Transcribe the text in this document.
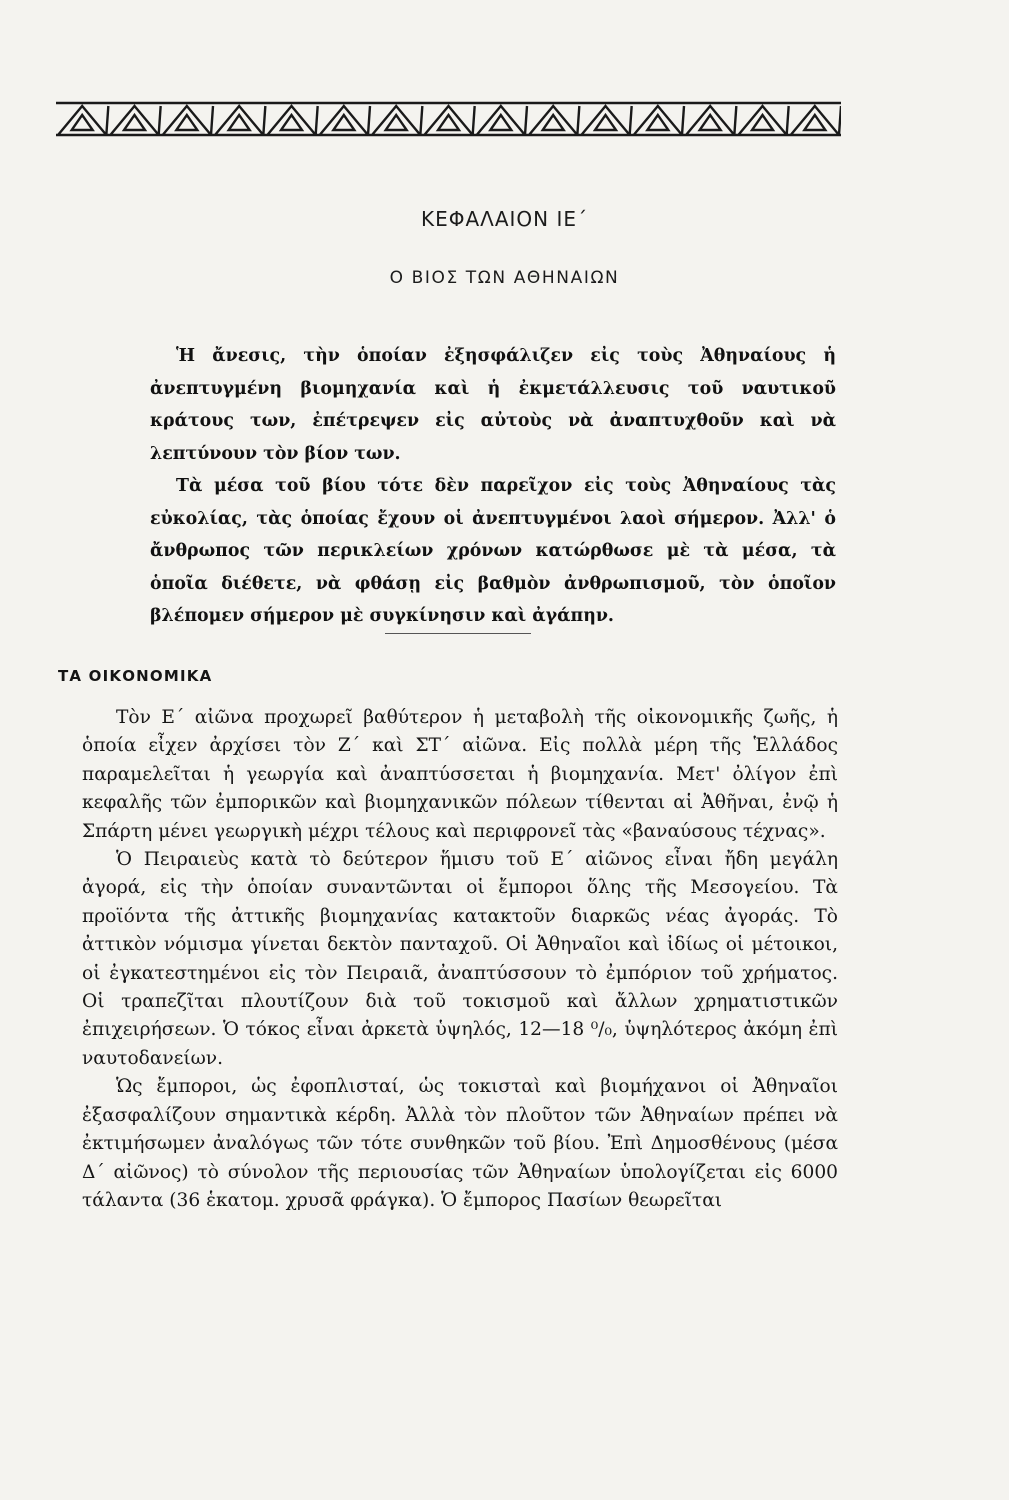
ΚΕΦΑΛΑΙΟΝ ΙΕ΄
Ο ΒΙΟΣ ΤΩΝ ΑΘΗΝΑΙΩΝ

Ἡ ἄνεσις, τὴν ὁποίαν ἐξησφάλιζεν εἰς τοὺς Ἀθηναίους ἡ ἀνεπτυγμένη βιομηχανία καὶ ἡ ἐκμετάλλευσις τοῦ ναυτικοῦ κράτους των, ἐπέτρεψεν εἰς αὐτοὺς νὰ ἀναπτυχθοῦν καὶ νὰ λεπτύνουν τὸν βίον των.

Τὰ μέσα τοῦ βίου τότε δὲν παρεῖχον εἰς τοὺς Ἀθηναίους τὰς εὐκολίας, τὰς ὁποίας ἔχουν οἱ ἀνεπτυγμένοι λαοὶ σήμερον. Ἀλλ' ὁ ἄνθρωπος τῶν περικλείων χρόνων κατώρθωσε μὲ τὰ μέσα, τὰ ὁποῖα διέθετε, νὰ φθάσῃ εἰς βαθμὸν ἀνθρωπισμοῦ, τὸν ὁποῖον βλέπομεν σήμερον μὲ συγκίνησιν καὶ ἀγάπην.

ΤΑ ΟΙΚΟΝΟΜΙΚΑ

Τὸν Ε΄ αἰῶνα προχωρεῖ βαθύτερον ἡ μεταβολὴ τῆς οἰκονομικῆς ζωῆς, ἡ ὁποία εἶχεν ἀρχίσει τὸν Ζ΄ καὶ ΣΤ΄ αἰῶνα. Εἰς πολλὰ μέρη τῆς Ἑλλάδος παραμελεῖται ἡ γεωργία καὶ ἀναπτύσσεται ἡ βιομηχανία. Μετ' ὀλίγον ἐπὶ κεφαλῆς τῶν ἐμπορικῶν καὶ βιομηχανικῶν πόλεων τίθενται αἱ Ἀθῆναι, ἐνῷ ἡ Σπάρτη μένει γεωργικὴ μέχρι τέλους καὶ περιφρονεῖ τὰς «βαναύσους τέχνας».

Ὁ Πειραιεὺς κατὰ τὸ δεύτερον ἥμισυ τοῦ Ε΄ αἰῶνος εἶναι ἤδη μεγάλη ἀγορά, εἰς τὴν ὁποίαν συναντῶνται οἱ ἔμποροι ὅλης τῆς Μεσογείου. Τὰ προϊόντα τῆς ἀττικῆς βιομηχανίας κατακτοῦν διαρκῶς νέας ἀγοράς. Τὸ ἀττικὸν νόμισμα γίνεται δεκτὸν πανταχοῦ. Οἱ Ἀθηναῖοι καὶ ἰδίως οἱ μέτοικοι, οἱ ἐγκατεστημένοι εἰς τὸν Πειραιᾶ, ἀναπτύσσουν τὸ ἐμπόριον τοῦ χρήματος. Οἱ τραπεζῖται πλουτίζουν διὰ τοῦ τοκισμοῦ καὶ ἄλλων χρηματιστικῶν ἐπιχειρήσεων. Ὁ τόκος εἶναι ἀρκετὰ ὑψηλός, 12—18 ⁰/₀, ὑψηλότερος ἀκόμη ἐπὶ ναυτοδανείων.

Ὡς ἔμποροι, ὡς ἐφοπλισταί, ὡς τοκισταὶ καὶ βιομήχανοι οἱ Ἀθηναῖοι ἐξασφαλίζουν σημαντικὰ κέρδη. Ἀλλὰ τὸν πλοῦτον τῶν Ἀθηναίων πρέπει νὰ ἐκτιμήσωμεν ἀναλόγως τῶν τότε συνθηκῶν τοῦ βίου. Ἐπὶ Δημοσθένους (μέσα Δ΄ αἰῶνος) τὸ σύνολον τῆς περιουσίας τῶν Ἀθηναίων ὑπολογίζεται εἰς 6000 τάλαντα (36 ἑκατομ. χρυσᾶ φράγκα). Ὁ ἔμπορος Πασίων θεωρεῖται
